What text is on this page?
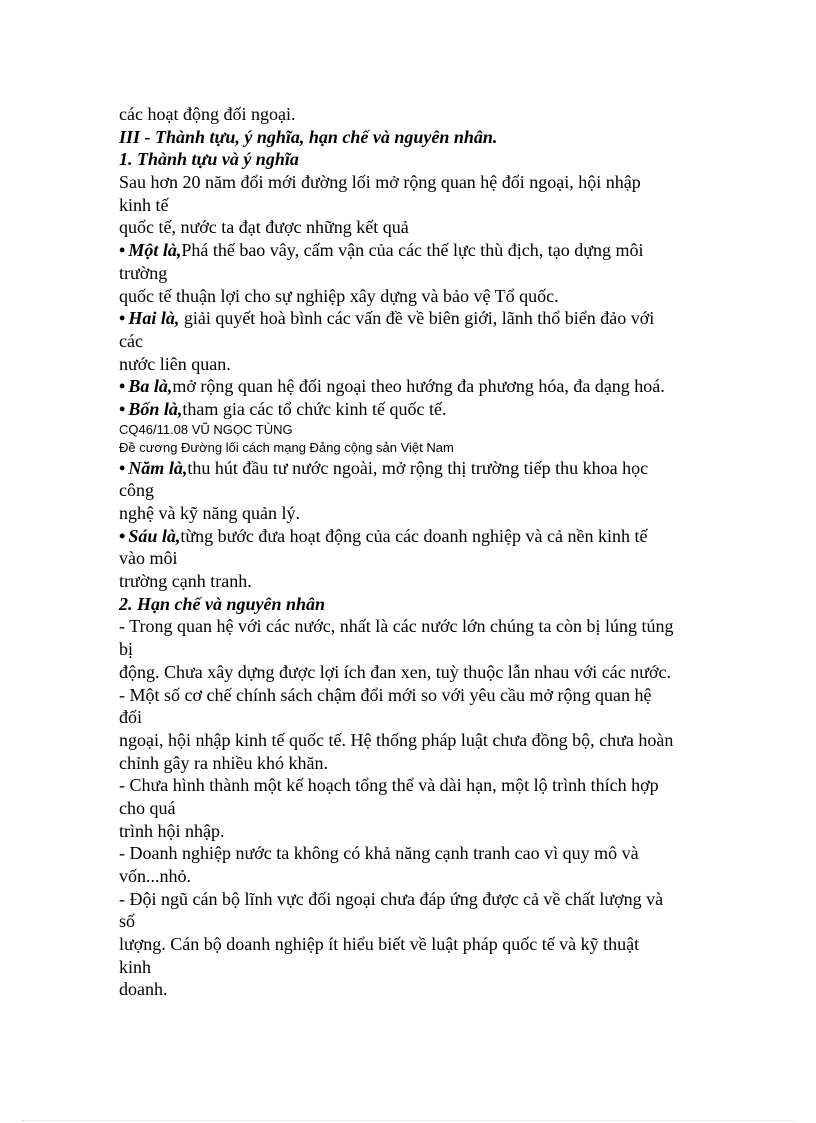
các hoạt động đối ngoại.
III - Thành tựu, ý nghĩa, hạn chế và nguyên nhân.
1. Thành tựu và ý nghĩa
Sau hơn 20 năm đổi mới đường lối mở rộng quan hệ đổi ngoại, hội nhập
kinh tế
quốc tế, nước ta đạt được những kết quả
• Một là,Phá thế bao vây, cấm vận của các thế lực thù địch, tạo dựng môi
trường
quốc tế thuận lợi cho sự nghiệp xây dựng và bảo vệ Tổ quốc.
• Hai là, giải quyết hoà bình các vấn đề về biên giới, lãnh thổ biển đảo với
các
nước liên quan.
• Ba là,mở rộng quan hệ đối ngoại theo hướng đa phương hóa, đa dạng hoá.
• Bốn là,tham gia các tổ chức kinh tế quốc tế.
CQ46/11.08 VŨ NGỌC TÙNG
Đề cương Đường lối cách mạng Đảng cộng sản Việt Nam
• Năm là,thu hút đầu tư nước ngoài, mở rộng thị trường tiếp thu khoa học
công
nghệ và kỹ năng quản lý.
• Sáu là,từng bước đưa hoạt động của các doanh nghiệp và cả nền kinh tế
vào môi
trường cạnh tranh.
2. Hạn chế và nguyên nhân
- Trong quan hệ với các nước, nhất là các nước lớn chúng ta còn bị lúng túng
bị
động. Chưa xây dựng được lợi ích đan xen, tuỳ thuộc lẫn nhau với các nước.
- Một số cơ chế chính sách chậm đổi mới so với yêu cầu mở rộng quan hệ
đối
ngoại, hội nhập kinh tế quốc tế. Hệ thống pháp luật chưa đồng bộ, chưa hoàn
chỉnh gây ra nhiều khó khăn.
- Chưa hình thành một kế hoạch tổng thể và dài hạn, một lộ trình thích hợp
cho quá
trình hội nhập.
- Doanh nghiệp nước ta không có khả năng cạnh tranh cao vì quy mô và
vốn...nhỏ.
- Đội ngũ cán bộ lĩnh vực đối ngoại chưa đáp ứng được cả về chất lượng và
số
lượng. Cán bộ doanh nghiệp ít hiểu biết về luật pháp quốc tế và kỹ thuật
kinh
doanh.
